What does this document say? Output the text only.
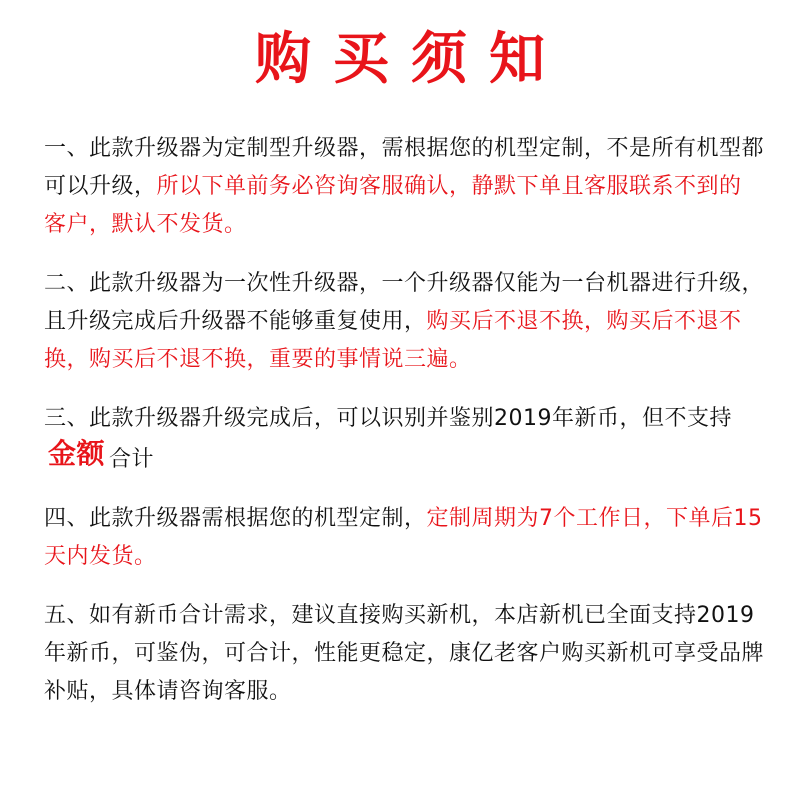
购买须知

一、此款升级器为定制型升级器，需根据您的机型定制，不是所有机型都可以升级，所以下单前务必咨询客服确认，静默下单且客服联系不到的客户，默认不发货。

二、此款升级器为一次性升级器，一个升级器仅能为一台机器进行升级，且升级完成后升级器不能够重复使用，购买后不退不换，购买后不退不换，购买后不退不换，重要的事情说三遍。

三、此款升级器升级完成后，可以识别并鉴别2019年新币，但不支持金额 合计

四、此款升级器需根据您的机型定制，定制周期为7个工作日，下单后15天内发货。

五、如有新币合计需求，建议直接购买新机，本店新机已全面支持2019年新币，可鉴伪，可合计，性能更稳定，康亿老客户购买新机可享受品牌补贴，具体请咨询客服。
